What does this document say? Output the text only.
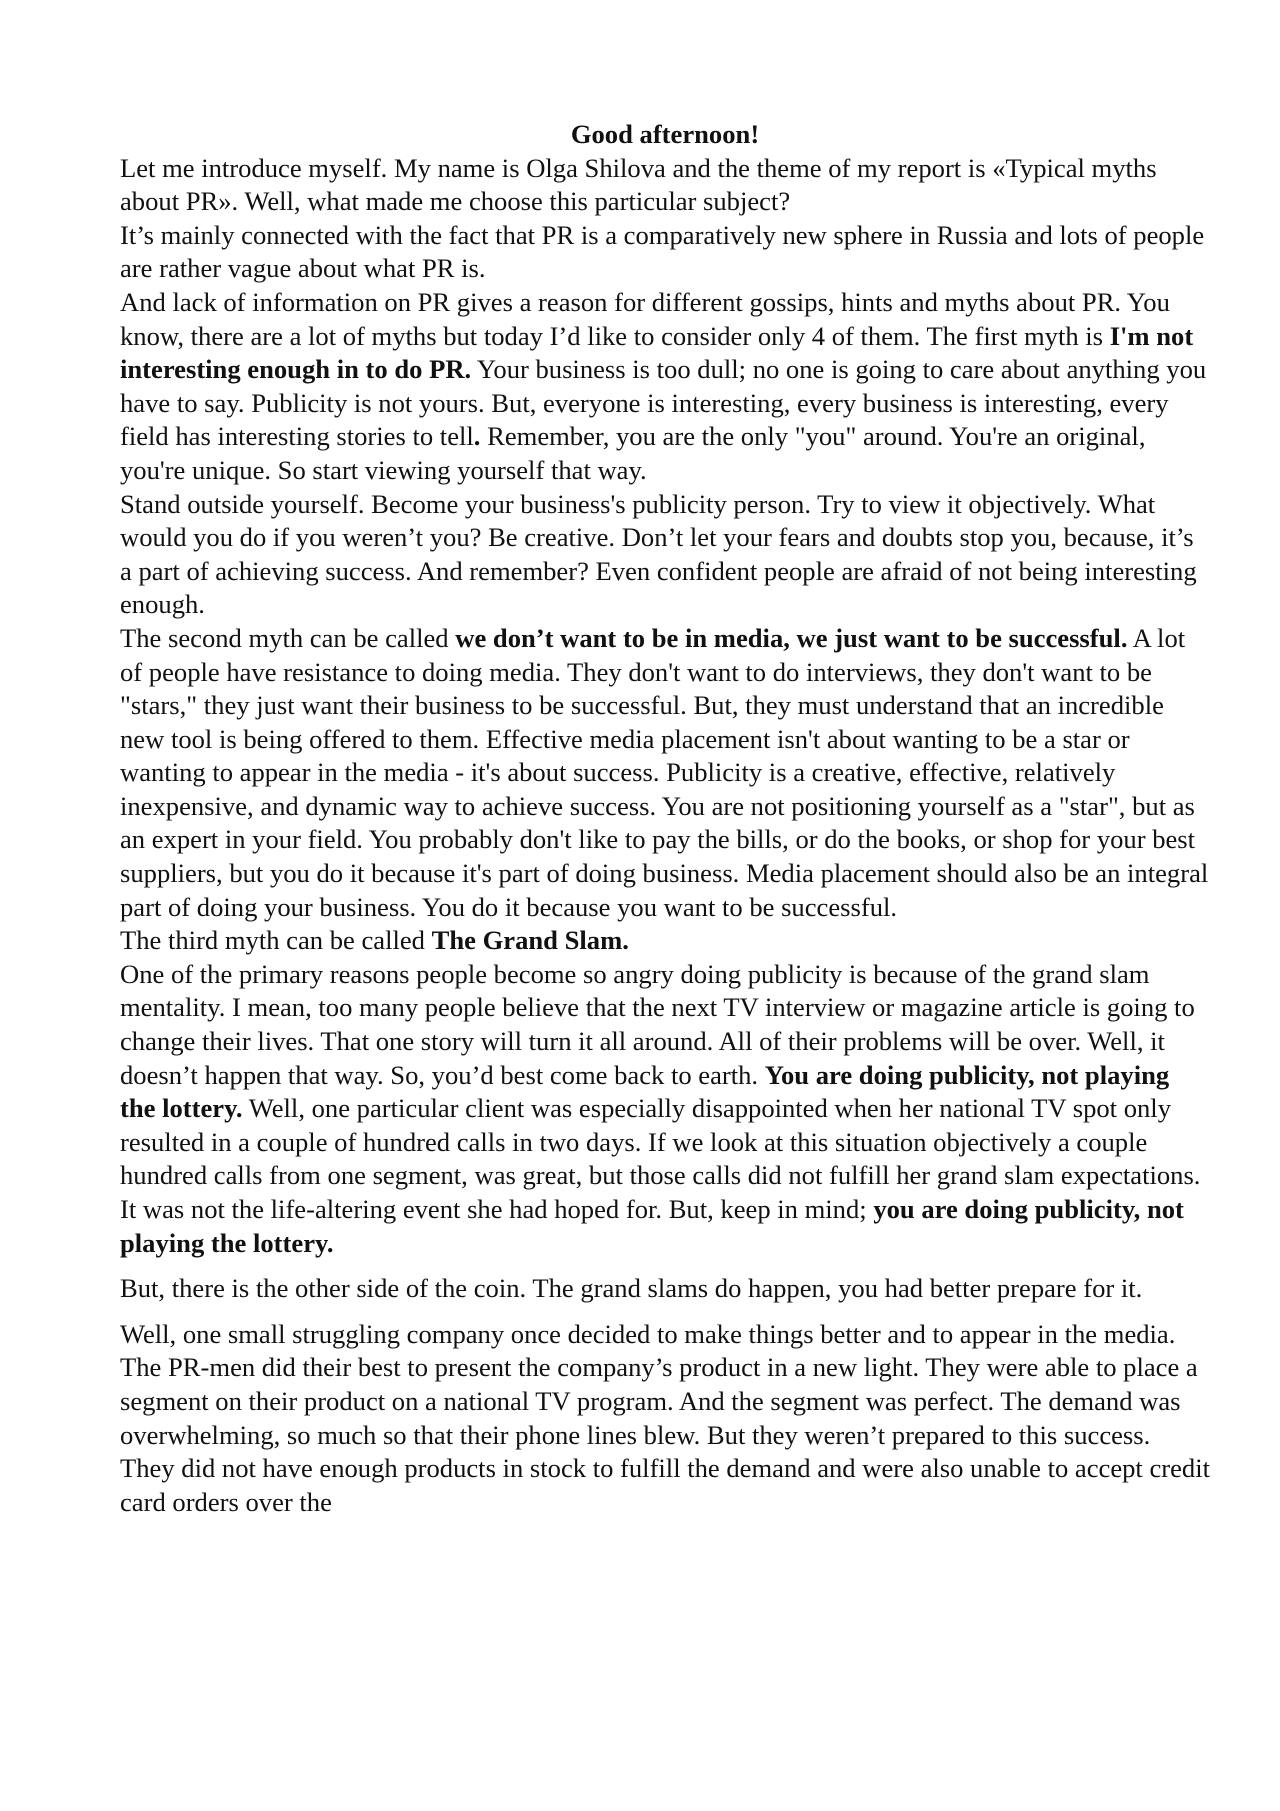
Good afternoon!

Let me introduce myself. My name is Olga Shilova and the theme of my report is «Typical myths about PR». Well, what made me choose this particular subject?

It’s mainly connected with the fact that PR is a comparatively new sphere in Russia and lots of people are rather vague about what PR is.

And lack of information on PR gives a reason for different gossips, hints and myths about PR. You know, there are a lot of myths but today I’d like to consider only 4 of them. The first myth is I'm not interesting enough in to do PR. Your business is too dull; no one is going to care about anything you have to say. Publicity is not yours. But, everyone is interesting, every business is interesting, every field has interesting stories to tell. Remember, you are the only "you" around. You're an original, you're unique. So start viewing yourself that way.

Stand outside yourself. Become your business's publicity person. Try to view it objectively. What would you do if you weren’t you? Be creative. Don’t let your fears and doubts stop you, because, it’s a part of achieving success. And remember? Even confident people are afraid of not being interesting enough.

The second myth can be called we don’t want to be in media, we just want to be successful. A lot of people have resistance to doing media. They don't want to do interviews, they don't want to be "stars," they just want their business to be successful. But, they must understand that an incredible new tool is being offered to them. Effective media placement isn't about wanting to be a star or wanting to appear in the media - it's about success. Publicity is a creative, effective, relatively inexpensive, and dynamic way to achieve success. You are not positioning yourself as a "star", but as an expert in your field. You probably don't like to pay the bills, or do the books, or shop for your best suppliers, but you do it because it's part of doing business. Media placement should also be an integral part of doing your business. You do it because you want to be successful.

The third myth can be called The Grand Slam.

One of the primary reasons people become so angry doing publicity is because of the grand slam mentality. I mean, too many people believe that the next TV interview or magazine article is going to change their lives. That one story will turn it all around. All of their problems will be over. Well, it doesn’t happen that way. So, you’d best come back to earth. You are doing publicity, not playing the lottery. Well, one particular client was especially disappointed when her national TV spot only resulted in a couple of hundred calls in two days. If we look at this situation objectively a couple hundred calls from one segment, was great, but those calls did not fulfill her grand slam expectations. It was not the life-altering event she had hoped for. But, keep in mind; you are doing publicity, not playing the lottery.

But, there is the other side of the coin. The grand slams do happen, you had better prepare for it.

Well, one small struggling company once decided to make things better and to appear in the media. The PR-men did their best to present the company’s product in a new light. They were able to place a segment on their product on a national TV program. And the segment was perfect. The demand was overwhelming, so much so that their phone lines blew. But they weren’t prepared to this success. They did not have enough products in stock to fulfill the demand and were also unable to accept credit card orders over the
